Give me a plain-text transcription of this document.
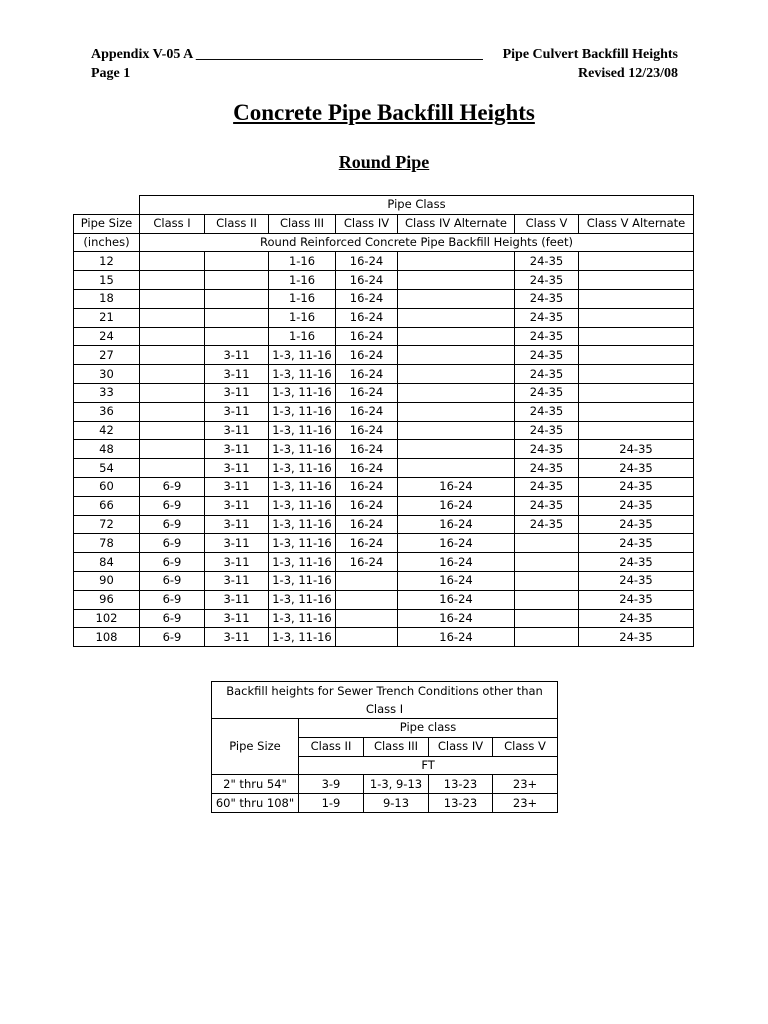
Appendix V-05 A _________________________________________ Pipe Culvert Backfill Heights
Page 1	Revised 12/23/08
Concrete Pipe Backfill Heights
Round Pipe
	Pipe Class						
Pipe Size	Class I	Class II	Class III	Class IV	Class IV Alternate	Class V	Class V Alternate
(inches)	Round Reinforced Concrete Pipe Backfill Heights (feet)						
12			1-16	16-24		24-35	
15			1-16	16-24		24-35	
18			1-16	16-24		24-35	
21			1-16	16-24		24-35	
24			1-16	16-24		24-35	
27		3-11	1-3, 11-16	16-24		24-35	
30		3-11	1-3, 11-16	16-24		24-35	
33		3-11	1-3, 11-16	16-24		24-35	
36		3-11	1-3, 11-16	16-24		24-35	
42		3-11	1-3, 11-16	16-24		24-35	
48		3-11	1-3, 11-16	16-24		24-35	24-35
54		3-11	1-3, 11-16	16-24		24-35	24-35
60	6-9	3-11	1-3, 11-16	16-24	16-24	24-35	24-35
66	6-9	3-11	1-3, 11-16	16-24	16-24	24-35	24-35
72	6-9	3-11	1-3, 11-16	16-24	16-24	24-35	24-35
78	6-9	3-11	1-3, 11-16	16-24	16-24		24-35
84	6-9	3-11	1-3, 11-16	16-24	16-24		24-35
90	6-9	3-11	1-3, 11-16		16-24		24-35
96	6-9	3-11	1-3, 11-16		16-24		24-35
102	6-9	3-11	1-3, 11-16		16-24		24-35
108	6-9	3-11	1-3, 11-16		16-24		24-35
Backfill heights for Sewer Trench Conditions other than Class I				
Pipe Size	Pipe class			
	Class II	Class III	Class IV	Class V
	FT			
2" thru 54"	3-9	1-3, 9-13	13-23	23+
60" thru 108"	1-9	9-13	13-23	23+
